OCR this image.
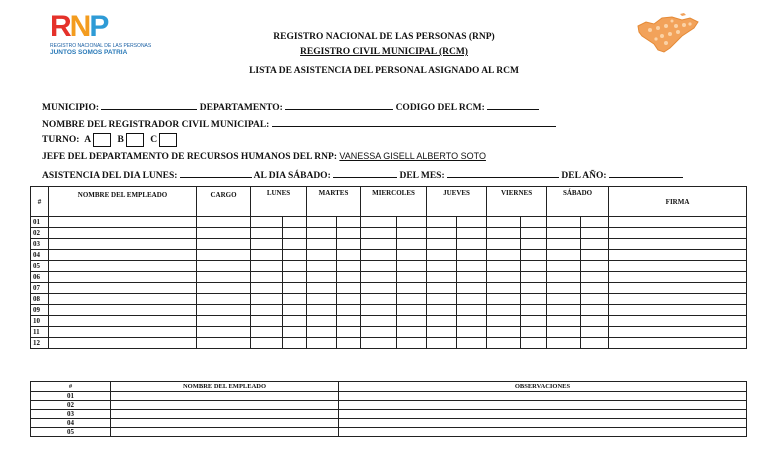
R N P
REGISTRO NACIONAL DE LAS PERSONAS
JUNTOS SOMOS PATRIA
REGISTRO NACIONAL DE LAS PERSONAS (RNP)
REGISTRO CIVIL MUNICIPAL (RCM)
LISTA DE ASISTENCIA DEL PERSONAL ASIGNADO AL RCM
MUNICIPIO:	DEPARTAMENTO:	CODIGO DEL RCM:
NOMBRE DEL REGISTRADOR CIVIL MUNICIPAL:
TURNO: A	B	C
JEFE DEL DEPARTAMENTO DE RECURSOS HUMANOS DEL RNP: VANESSA GISELL ALBERTO SOTO
ASISTENCIA DEL DIA LUNES:	AL DIA SÁBADO:	DEL MES:	DEL AÑO:
#	NOMBRE DEL EMPLEADO	CARGO	LUNES		MARTES		MIERCOLES		JUEVES		VIERNES		SÁBADO		FIRMA

01															
02															
03															
04															
05															
06															
07															
08															
09															
10															
11															
12															
#	NOMBRE DEL EMPLEADO	OBSERVACIONES
01		
02		
03		
04		
05		
